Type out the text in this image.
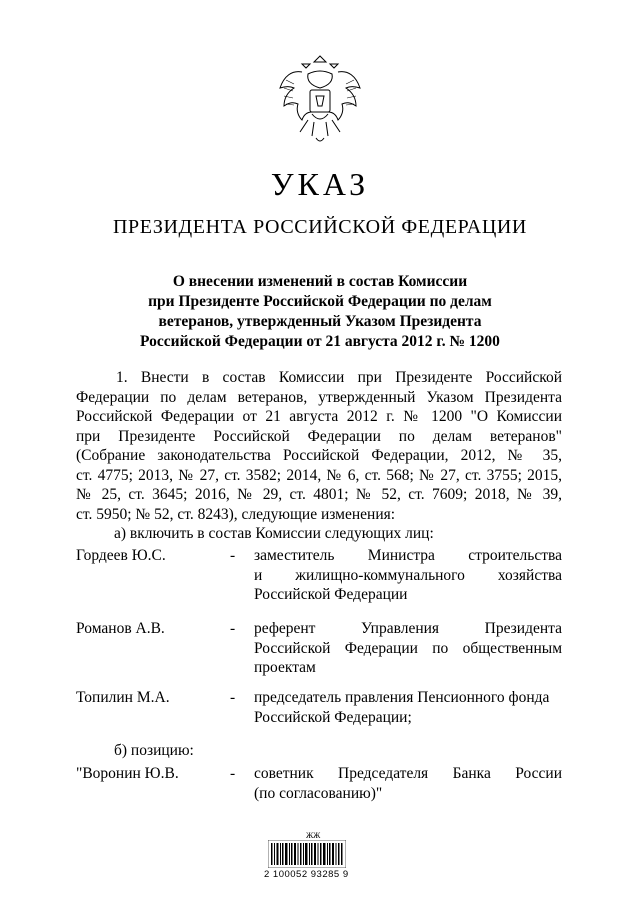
УКАЗ
ПРЕЗИДЕНТА РОССИЙСКОЙ ФЕДЕРАЦИИ
О внесении изменений в состав Комиссии
при Президенте Российской Федерации по делам
ветеранов, утвержденный Указом Президента
Российской Федерации от 21 августа 2012 г. № 1200
1. Внести в состав Комиссии при Президенте Российской
Федерации по делам ветеранов, утвержденный Указом Президента
Российской Федерации от 21 августа 2012 г. № 1200 "О Комиссии
при Президенте Российской Федерации по делам ветеранов"
(Собрание законодательства Российской Федерации, 2012, № 35,
ст. 4775; 2013, № 27, ст. 3582; 2014, № 6, ст. 568; № 27, ст. 3755; 2015,
№ 25, ст. 3645; 2016, № 29, ст. 4801; № 52, ст. 7609; 2018, № 39,
ст. 5950; № 52, ст. 8243), следующие изменения:
а) включить в состав Комиссии следующих лиц:
Гордеев Ю.С.	- заместитель Министра строительства
и жилищно-коммунального хозяйства
Российской Федерации
Романов А.В.	- референт Управления Президента
Российской Федерации по общественным
проектам
Топилин М.А.	- председатель правления Пенсионного фонда
Российской Федерации;
б) позицию:
"Воронин Ю.В.	- советник Председателя Банка России
(по согласованию)"
ЖЖ
2 100052 93285 9
